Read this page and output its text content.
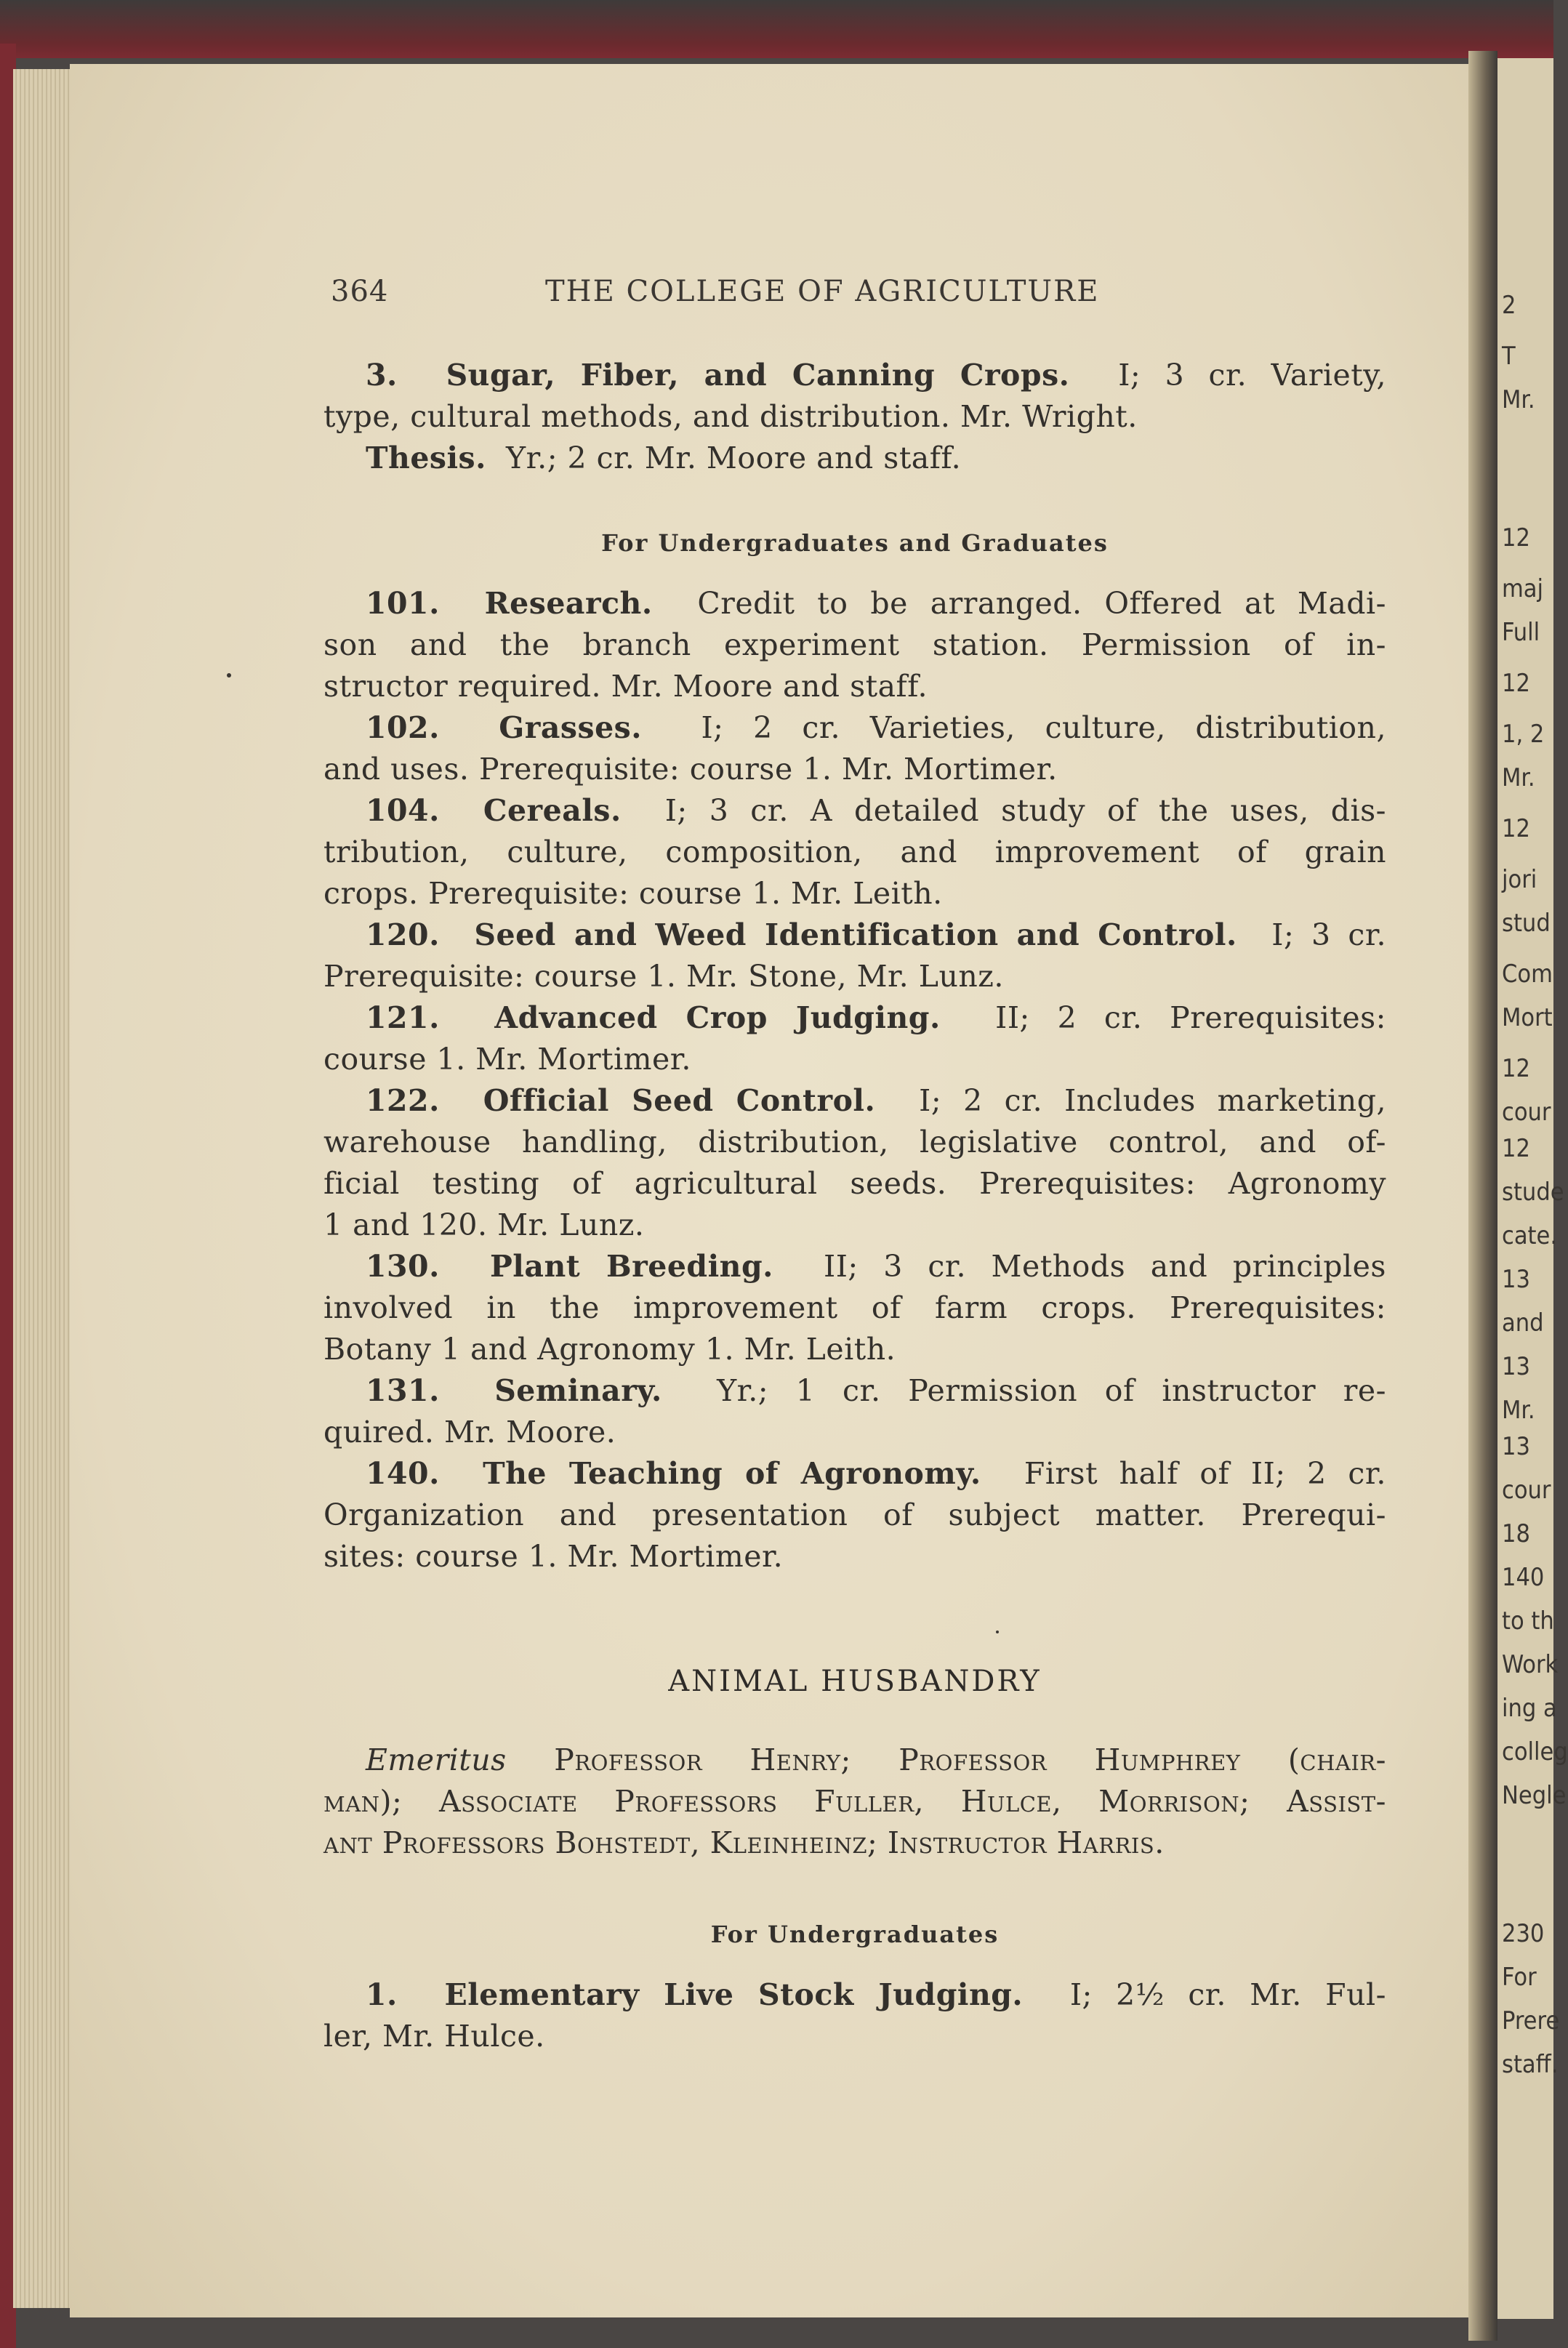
2
T
Mr.
12
maj
Full
12
1, 2
Mr.
12
jori
stud
Com
Mort
12
cour
12
stude
cate.
13
and
13
Mr.
13
cour
18
140
to th
Work
ing a
colleg
Negle
230
For
Prere
staff.
364	THE COLLEGE OF AGRICULTURE
3. Sugar, Fiber, and Canning Crops. I; 3 cr. Variety,
type, cultural methods, and distribution. Mr. Wright.
Thesis. Yr.; 2 cr. Mr. Moore and staff.
For Undergraduates and Graduates
101. Research. Credit to be arranged. Offered at Madi-
son and the branch experiment station. Permission of in-
structor required. Mr. Moore and staff.
102. Grasses. I; 2 cr. Varieties, culture, distribution,
and uses. Prerequisite: course 1. Mr. Mortimer.
104. Cereals. I; 3 cr. A detailed study of the uses, dis-
tribution, culture, composition, and improvement of grain
crops. Prerequisite: course 1. Mr. Leith.
120. Seed and Weed Identification and Control. I; 3 cr.
Prerequisite: course 1. Mr. Stone, Mr. Lunz.
121. Advanced Crop Judging. II; 2 cr. Prerequisites:
course 1. Mr. Mortimer.
122. Official Seed Control. I; 2 cr. Includes marketing,
warehouse handling, distribution, legislative control, and of-
ficial testing of agricultural seeds. Prerequisites: Agronomy
1 and 120. Mr. Lunz.
130. Plant Breeding. II; 3 cr. Methods and principles
involved in the improvement of farm crops. Prerequisites:
Botany 1 and Agronomy 1. Mr. Leith.
131. Seminary. Yr.; 1 cr. Permission of instructor re-
quired. Mr. Moore.
140. The Teaching of Agronomy. First half of II; 2 cr.
Organization and presentation of subject matter. Prerequi-
sites: course 1. Mr. Mortimer.
ANIMAL HUSBANDRY
Emeritus Professor Henry; Professor Humphrey (chair-
man); Associate Professors Fuller, Hulce, Morrison; Assist-
ant Professors Bohstedt, Kleinheinz; Instructor Harris.
For Undergraduates
1. Elementary Live Stock Judging. I; 2½ cr. Mr. Ful-
ler, Mr. Hulce.
